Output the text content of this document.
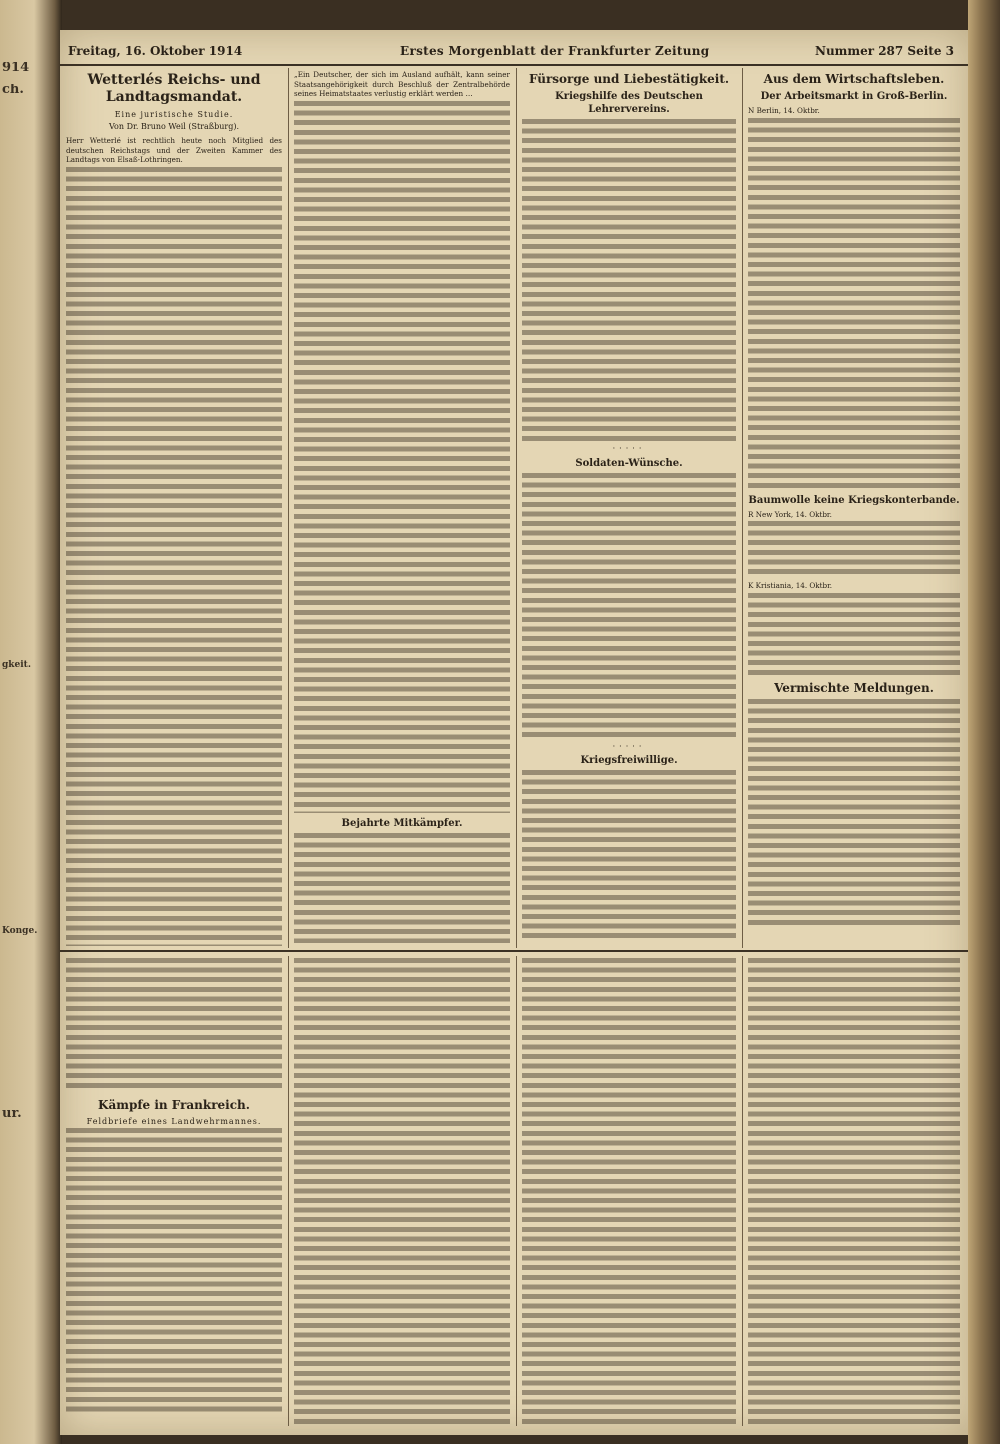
914
ch.
Konge.
gkeit.
ur.
Freitag, 16. Oktober 1914	Erstes Morgenblatt der Frankfurter Zeitung	Nummer 287 Seite 3
Wetterlés Reichs- und Landtagsmandat.
Eine juristische Studie.
Von Dr. Bruno Weil (Straßburg).
Herr Wetterlé ist rechtlich heute noch Mitglied des deutschen Reichstags und der Zweiten Kammer des Landtags von Elsaß-Lothringen.
„Ein Deutscher, der sich im Ausland aufhält, kann seiner Staatsangehörigkeit durch Beschluß der Zentralbehörde seines Heimatstaates verlustig erklärt werden …
Bejahrte Mitkämpfer.
Fürsorge und Liebestätigkeit.
Kriegshilfe des Deutschen Lehrervereins.
·····
Soldaten-Wünsche.
·····
Kriegsfreiwillige.
Aus dem Wirtschaftsleben.
Der Arbeitsmarkt in Groß-Berlin.
N Berlin, 14. Oktbr.
Baumwolle keine Kriegskonterbande.
R New York, 14. Oktbr.
K Kristiania, 14. Oktbr.
Vermischte Meldungen.
Kämpfe in Frankreich.
Feldbriefe eines Landwehrmannes.
